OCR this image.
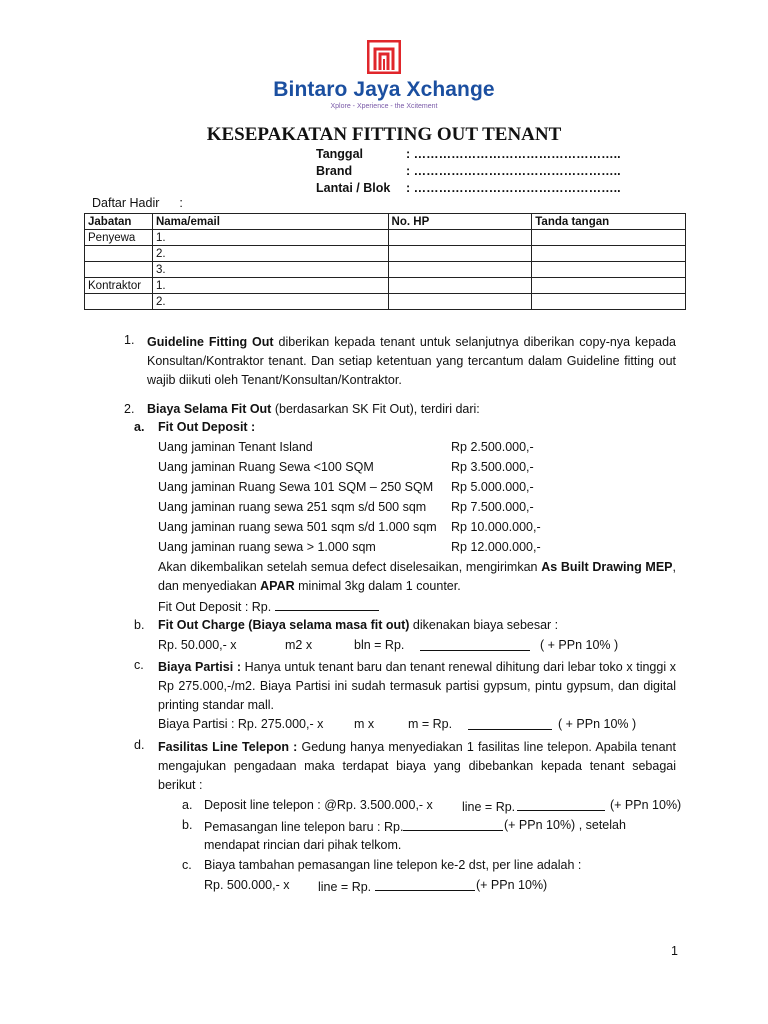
Bintaro Jaya Xchange
Xplore - Xperience - the Xcitement
KESEPAKATAN FITTING OUT TENANT
Tanggal	: …………………………………………..
Brand	: …………………………………………..
Lantai / Blok : …………………………………………..
Daftar Hadir :
Jabatan	Nama/email	No. HP	Tanda tangan
Penyewa	1.		
	2.		
	3.		
Kontraktor	1.		
	2.		
1. Guideline Fitting Out diberikan kepada tenant untuk selanjutnya diberikan copy-nya kepada Konsultan/Kontraktor tenant. Dan setiap ketentuan yang tercantum dalam Guideline fitting out wajib diikuti oleh Tenant/Konsultan/Kontraktor.
2. Biaya Selama Fit Out (berdasarkan SK Fit Out), terdiri dari:
a. Fit Out Deposit :
Uang jaminan Tenant Island	Rp 2.500.000,-
Uang jaminan Ruang Sewa <100 SQM	Rp 3.500.000,-
Uang jaminan Ruang Sewa 101 SQM – 250 SQM Rp 5.000.000,-
Uang jaminan ruang sewa 251 sqm s/d 500 sqm Rp 7.500.000,-
Uang jaminan ruang sewa 501 sqm s/d 1.000 sqm Rp 10.000.000,-
Uang jaminan ruang sewa > 1.000 sqm	Rp 12.000.000,-
Akan dikembalikan setelah semua defect diselesaikan, mengirimkan As Built Drawing MEP, dan menyediakan APAR minimal 3kg dalam 1 counter.
Fit Out Deposit : Rp.
b. Fit Out Charge (Biaya selama masa fit out) dikenakan biaya sebesar :
Rp. 50.000,- x	m2 x	bln = Rp.	( + PPn 10% )
c. Biaya Partisi : Hanya untuk tenant baru dan tenant renewal dihitung dari lebar toko x tinggi x Rp 275.000,-/m2. Biaya Partisi ini sudah termasuk partisi gypsum, pintu gypsum, dan digital printing standar mall.
Biaya Partisi : Rp. 275.000,- x m x	m = Rp.	( + PPn 10% )
d. Fasilitas Line Telepon : Gedung hanya menyediakan 1 fasilitas line telepon. Apabila tenant mengajukan pengadaan maka terdapat biaya yang dibebankan kepada tenant sebagai berikut :
a. Deposit line telepon : @Rp. 3.500.000,- x line = Rp.	(+ PPn 10%)
b. Pemasangan line telepon baru : Rp.	(+ PPn 10%) , setelah
mendapat rincian dari pihak telkom.
c. Biaya tambahan pemasangan line telepon ke-2 dst, per line adalah :
Rp. 500.000,- x line = Rp.	(+ PPn 10%)
1
